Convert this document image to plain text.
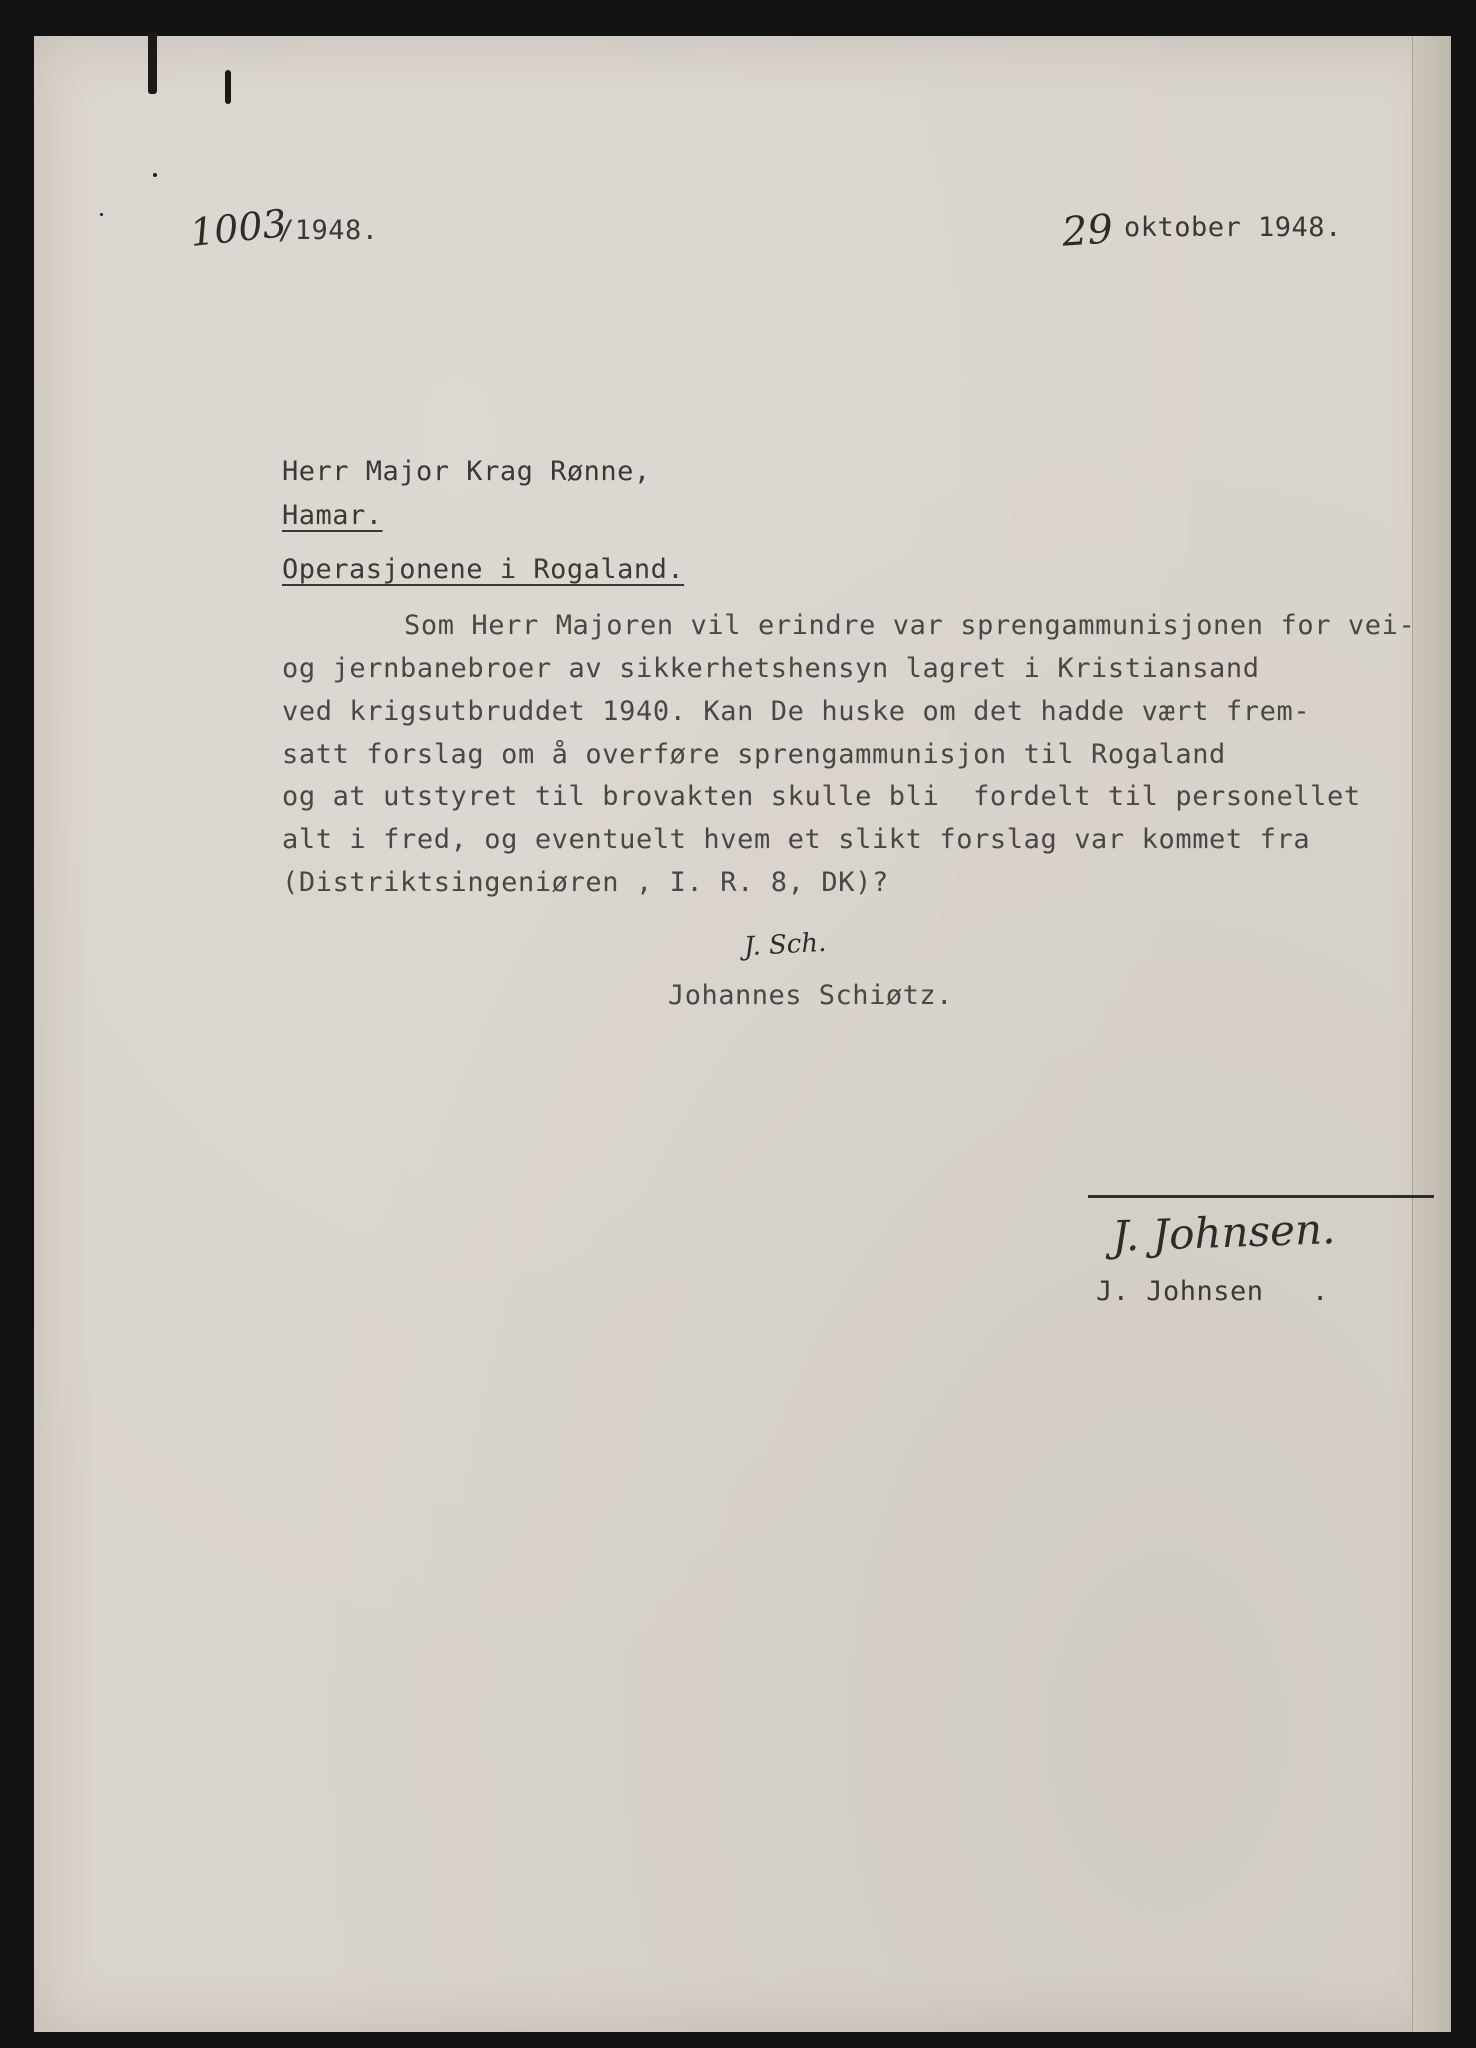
1003
/1948.	29 oktober 1948.
Herr Major Krag Rønne,
Hamar.
Operasjonene i Rogaland.
Som Herr Majoren vil erindre var sprengammunisjonen for vei-
og jernbanebroer av sikkerhetshensyn lagret i Kristiansand
ved krigsutbruddet 1940. Kan De huske om det hadde vært frem-
satt forslag om å overføre sprengammunisjon til Rogaland
og at utstyret til brovakten skulle bli  fordelt til personellet
alt i fred, og eventuelt hvem et slikt forslag var kommet fra
(Distriktsingeniøren , I. R. 8, DK)?
J. Sch.
Johannes Schiøtz.
J. Johnsen.
J. Johnsen .
